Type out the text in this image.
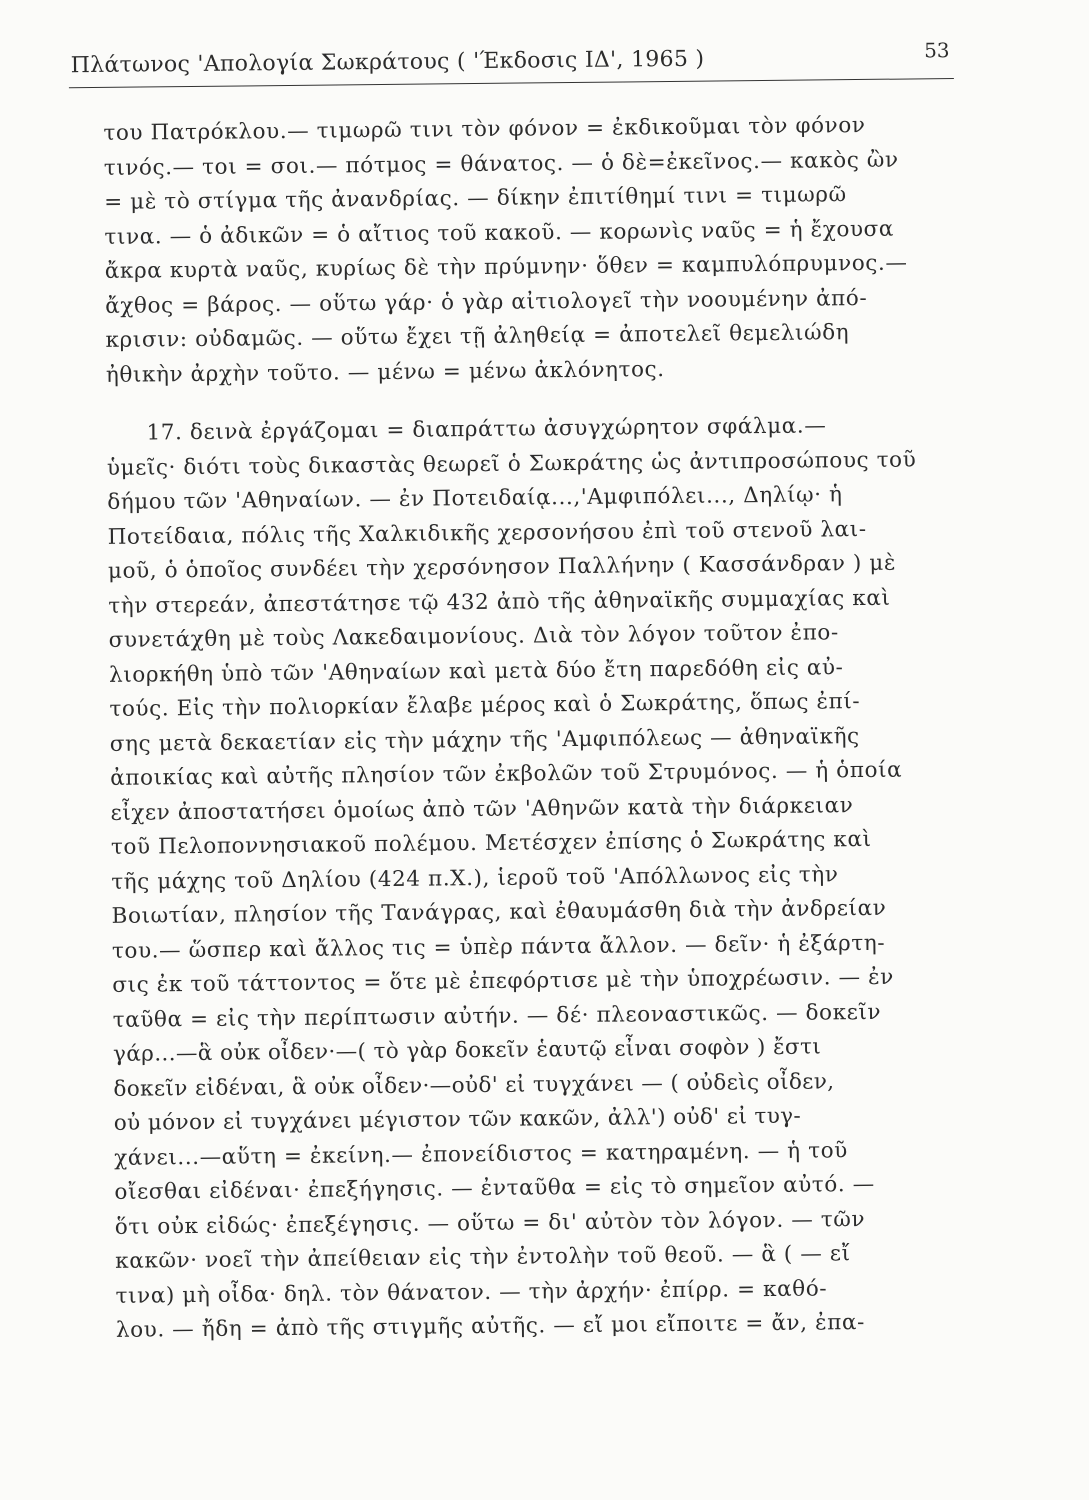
Πλάτωνος 'Απολογία Σωκράτους ( 'Έκδοσις ΙΔ', 1965 )	53
του Πατρόκλου.— τιμωρῶ τινι τὸν φόνον = ἐκδικοῦμαι τὸν φόνον
τινός.— τοι = σοι.— πότμος = θάνατος. — ὁ δὲ=ἐκεῖνος.— κακὸς ὢν
= μὲ τὸ στίγμα τῆς ἀνανδρίας. — δίκην ἐπιτίθημί τινι = τιμωρῶ
τινα. — ὁ ἀδικῶν = ὁ αἴτιος τοῦ κακοῦ. — κορωνὶς ναῦς = ἡ ἔχουσα
ἄκρα κυρτὰ ναῦς, κυρίως δὲ τὴν πρύμνην· ὅθεν = καμπυλόπρυμνος.—
ἄχθος = βάρος. — οὕτω γάρ· ὁ γὰρ αἰτιολογεῖ τὴν νοουμένην ἀπό-
κρισιν: οὐδαμῶς. — οὕτω ἔχει τῇ ἀληθείᾳ = ἀποτελεῖ θεμελιώδη
ἠθικὴν ἀρχὴν τοῦτο. — μένω = μένω ἀκλόνητος.
17. δεινὰ ἐργάζομαι = διαπράττω ἀσυγχώρητον σφάλμα.—
ὑμεῖς· διότι τοὺς δικαστὰς θεωρεῖ ὁ Σωκράτης ὡς ἀντιπροσώπους τοῦ
δήμου τῶν 'Αθηναίων. — ἐν Ποτειδαίᾳ...,'Αμφιπόλει..., Δηλίῳ· ἡ
Ποτείδαια, πόλις τῆς Χαλκιδικῆς χερσονήσου ἐπὶ τοῦ στενοῦ λαι-
μοῦ, ὁ ὁποῖος συνδέει τὴν χερσόνησον Παλλήνην ( Κασσάνδραν ) μὲ
τὴν στερεάν, ἀπεστάτησε τῷ 432 ἀπὸ τῆς ἀθηναϊκῆς συμμαχίας καὶ
συνετάχθη μὲ τοὺς Λακεδαιμονίους. Διὰ τὸν λόγον τοῦτον ἐπο-
λιορκήθη ὑπὸ τῶν 'Αθηναίων καὶ μετὰ δύο ἔτη παρεδόθη εἰς αὐ-
τούς. Εἰς τὴν πολιορκίαν ἔλαβε μέρος καὶ ὁ Σωκράτης, ὅπως ἐπί-
σης μετὰ δεκαετίαν εἰς τὴν μάχην τῆς 'Αμφιπόλεως — ἀθηναϊκῆς
ἀποικίας καὶ αὐτῆς πλησίον τῶν ἐκβολῶν τοῦ Στρυμόνος. — ἡ ὁποία
εἶχεν ἀποστατήσει ὁμοίως ἀπὸ τῶν 'Αθηνῶν κατὰ τὴν διάρκειαν
τοῦ Πελοποννησιακοῦ πολέμου. Μετέσχεν ἐπίσης ὁ Σωκράτης καὶ
τῆς μάχης τοῦ Δηλίου (424 π.Χ.), ἱεροῦ τοῦ 'Απόλλωνος εἰς τὴν
Βοιωτίαν, πλησίον τῆς Τανάγρας, καὶ ἐθαυμάσθη διὰ τὴν ἀνδρείαν
του.— ὥσπερ καὶ ἄλλος τις = ὑπὲρ πάντα ἄλλον. — δεῖν· ἡ ἐξάρτη-
σις ἐκ τοῦ τάττοντος = ὅτε μὲ ἐπεφόρτισε μὲ τὴν ὑποχρέωσιν. — ἐν
ταῦθα = εἰς τὴν περίπτωσιν αὐτήν. — δέ· πλεοναστικῶς. — δοκεῖν
γάρ...—ἃ οὐκ οἶδεν·—( τὸ γὰρ δοκεῖν ἑαυτῷ εἶναι σοφὸν ) ἔστι
δοκεῖν εἰδέναι, ἃ οὐκ οἶδεν·—οὐδ' εἰ τυγχάνει — ( οὐδεὶς οἶδεν,
οὐ μόνον εἰ τυγχάνει μέγιστον τῶν κακῶν, ἀλλ') οὐδ' εἰ τυγ-
χάνει...—αὕτη = ἐκείνη.— ἐπονείδιστος = κατηραμένη. — ἡ τοῦ
οἴεσθαι εἰδέναι· ἐπεξήγησις. — ἐνταῦθα = εἰς τὸ σημεῖον αὐτό. —
ὅτι οὐκ εἰδώς· ἐπεξέγησις. — οὕτω = δι' αὐτὸν τὸν λόγον. — τῶν
κακῶν· νοεῖ τὴν ἀπείθειαν εἰς τὴν ἐντολὴν τοῦ θεοῦ. — ἃ ( — εἴ
τινα) μὴ οἶδα· δηλ. τὸν θάνατον. — τὴν ἀρχήν· ἐπίρρ. = καθό-
λου. — ἤδη = ἀπὸ τῆς στιγμῆς αὐτῆς. — εἴ μοι εἴποιτε = ἄν, ἐπα-
